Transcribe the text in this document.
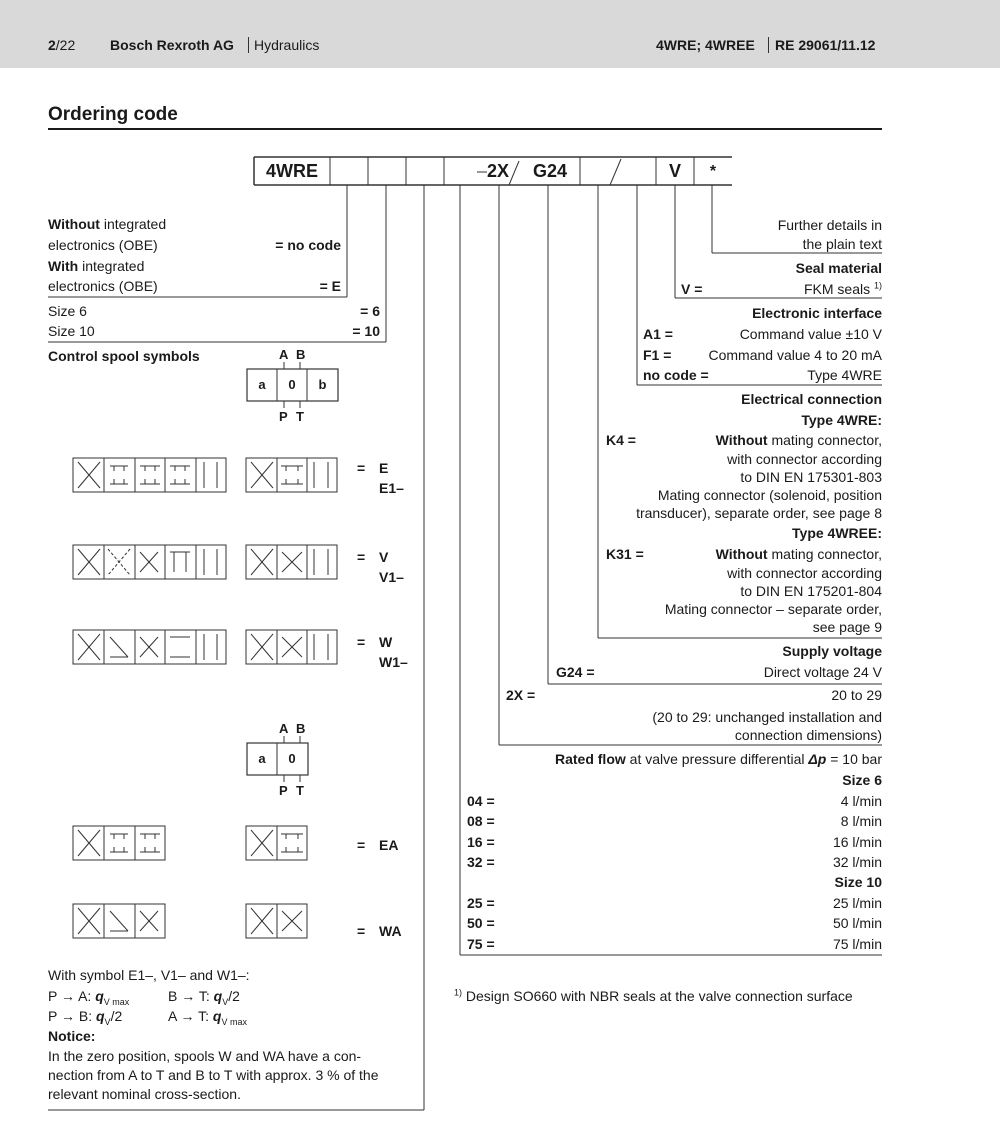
2/22 Bosch Rexroth AG Hydraulics	4WRE; 4WREE RE 29061/11.12
Ordering code
4WRE	2X	G24	V	*
Without integrated
electronics (OBE)	= no code
With integrated
electronics (OBE)	= E
Size 6	= 6
Size 10	= 10
Control spool symbols	A B
a	0	b
P T
= E
E1–
= V
V1–
= W
W1–
A B
a	0
P T
= EA
= WA
With symbol E1–, V1– and W1–:
P → A: $q_{V max}$	B → T: $q_V/2$
P → B: $q_V/2$	A → T: $q_{V max}$
Notice:
In the zero position, spools W and WA have a con-
nection from A to T and B to T with approx. 3 % of the
relevant nominal cross-section.
Further details in
the plain text
Seal material
V =	FKM seals $^{1)}$
Electronic interface
A1 =	Command value ±10 V
F1 =	Command value 4 to 20 mA
no code =	Type 4WRE
Electrical connection
Type 4WRE:
K4 =	Without mating connector,
with connector according
to DIN EN 175301-803
Mating connector (solenoid, position
transducer), separate order, see page 8
Type 4WREE:
K31 =	Without mating connector,
with connector according
to DIN EN 175201-804
Mating connector – separate order,
see page 9
Supply voltage
G24 =	Direct voltage 24 V
2X =	20 to 29
(20 to 29: unchanged installation and
connection dimensions)
Rated flow at valve pressure differential Δp = 10 bar
Size 6
04 =	4 l/min
08 =	8 l/min
16 =	16 l/min
32 =	32 l/min
Size 10
25 =	25 l/min
50 =	50 l/min
75 =	75 l/min
$^{1)}$ Design SO660 with NBR seals at the valve connection surface
